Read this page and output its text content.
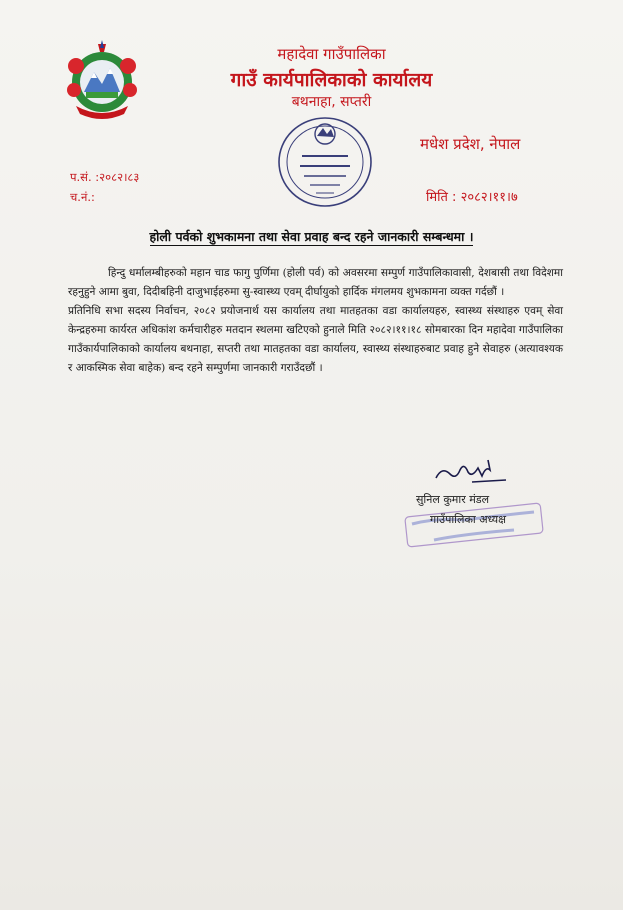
महादेवा गाउँपालिका
गाउँ कार्यपालिकाको कार्यालय
बथनाहा, सप्तरी
मधेश प्रदेश, नेपाल
प.सं. :२०८२।८३
च.नं.:	मिति : २०८२।११।७
होली पर्वको शुभकामना तथा सेवा प्रवाह बन्द रहने जानकारी सम्बन्धमा ।

हिन्दु धर्मालम्बीहरुको महान चाड फागु पुर्णिमा (होली पर्व) को अवसरमा सम्पुर्ण गाउँपालिकावासी, देशबासी तथा विदेशमा रहनुहुने आमा बुवा, दिदीबहिनी दाजुभाईहरुमा सु-स्वास्थ्य एवम् दीर्घायुको हार्दिक मंगलमय शुभकामना व्यक्त गर्दछौं ।

प्रतिनिधि सभा सदस्य निर्वाचन, २०८२ प्रयोजनार्थ यस कार्यालय तथा मातहतका वडा कार्यालयहरु, स्वास्थ्य संस्थाहरु एवम् सेवा केन्द्रहरुमा कार्यरत अधिकांश कर्मचारीहरु मतदान स्थलमा खटिएको हुनाले मिति २०८२।११।१८ सोमबारका दिन महादेवा गाउँपालिका गाउँकार्यपालिकाको कार्यालय बथनाहा, सप्तरी तथा मातहतका वडा कार्यालय, स्वास्थ्य संस्थाहरुबाट प्रवाह हुने सेवाहरु (अत्यावश्यक र आकस्मिक सेवा बाहेक) बन्द रहने सम्पुर्णमा जानकारी गराउँदछौं ।

सुनिल कुमार मंडल
गाउँपालिका अध्यक्ष
